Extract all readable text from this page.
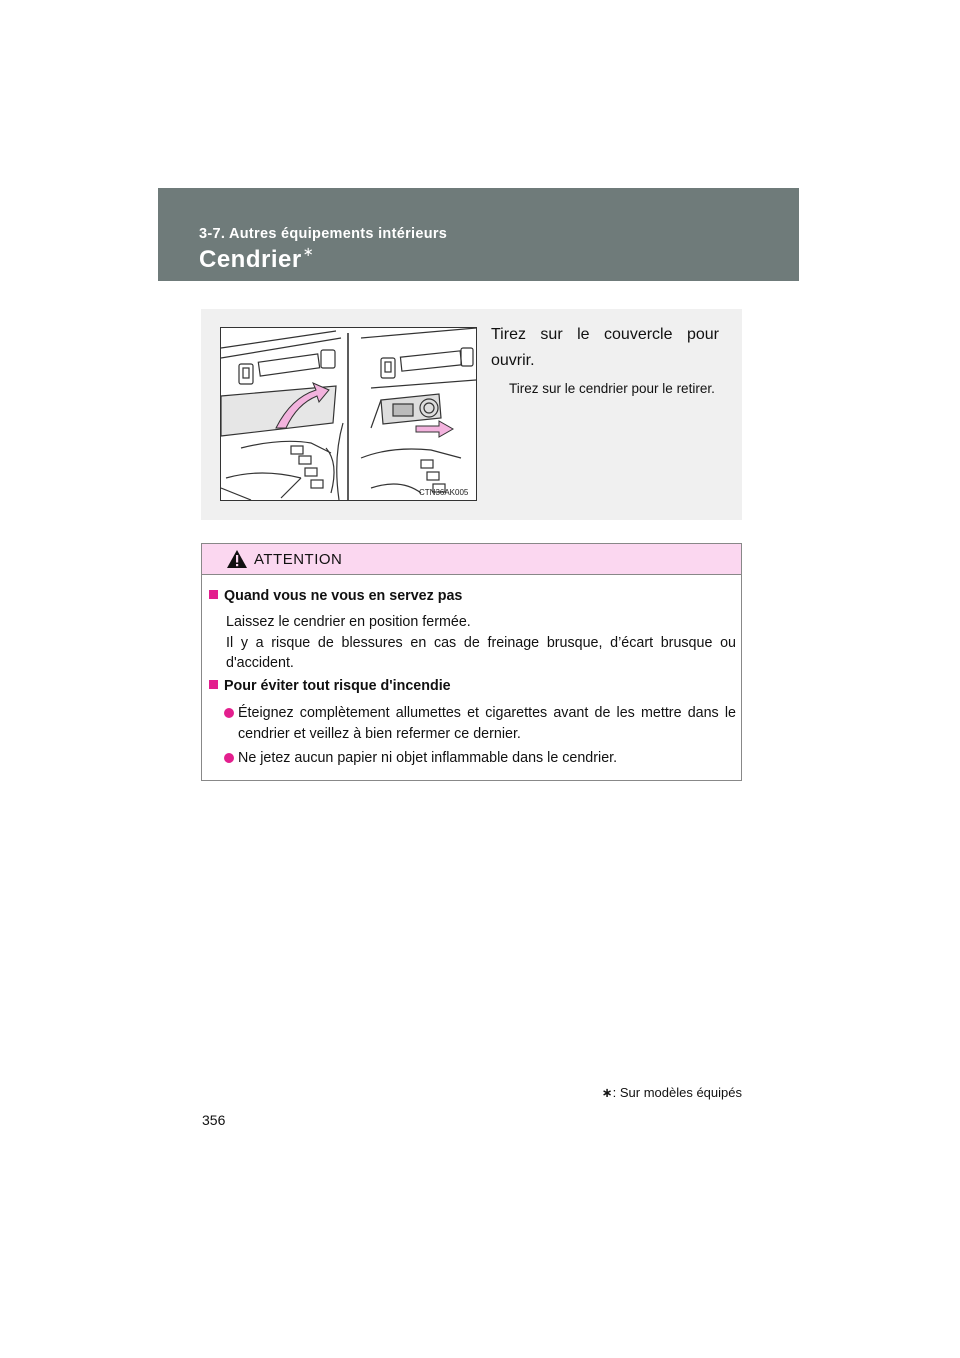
3-7. Autres équipements intérieurs
Cendrier∗
CTN36AK005
Tirez sur le couvercle pour ouvrir.
Tirez sur le cendrier pour le retirer.
ATTENTION
Quand vous ne vous en servez pas
Laissez le cendrier en position fermée.
Il y a risque de blessures en cas de freinage brusque, d’écart brusque ou d'accident.
Pour éviter tout risque d'incendie
Éteignez complètement allumettes et cigarettes avant de les mettre dans le cendrier et veillez à bien refermer ce dernier.
Ne jetez aucun papier ni objet inflammable dans le cendrier.
∗: Sur modèles équipés
356
